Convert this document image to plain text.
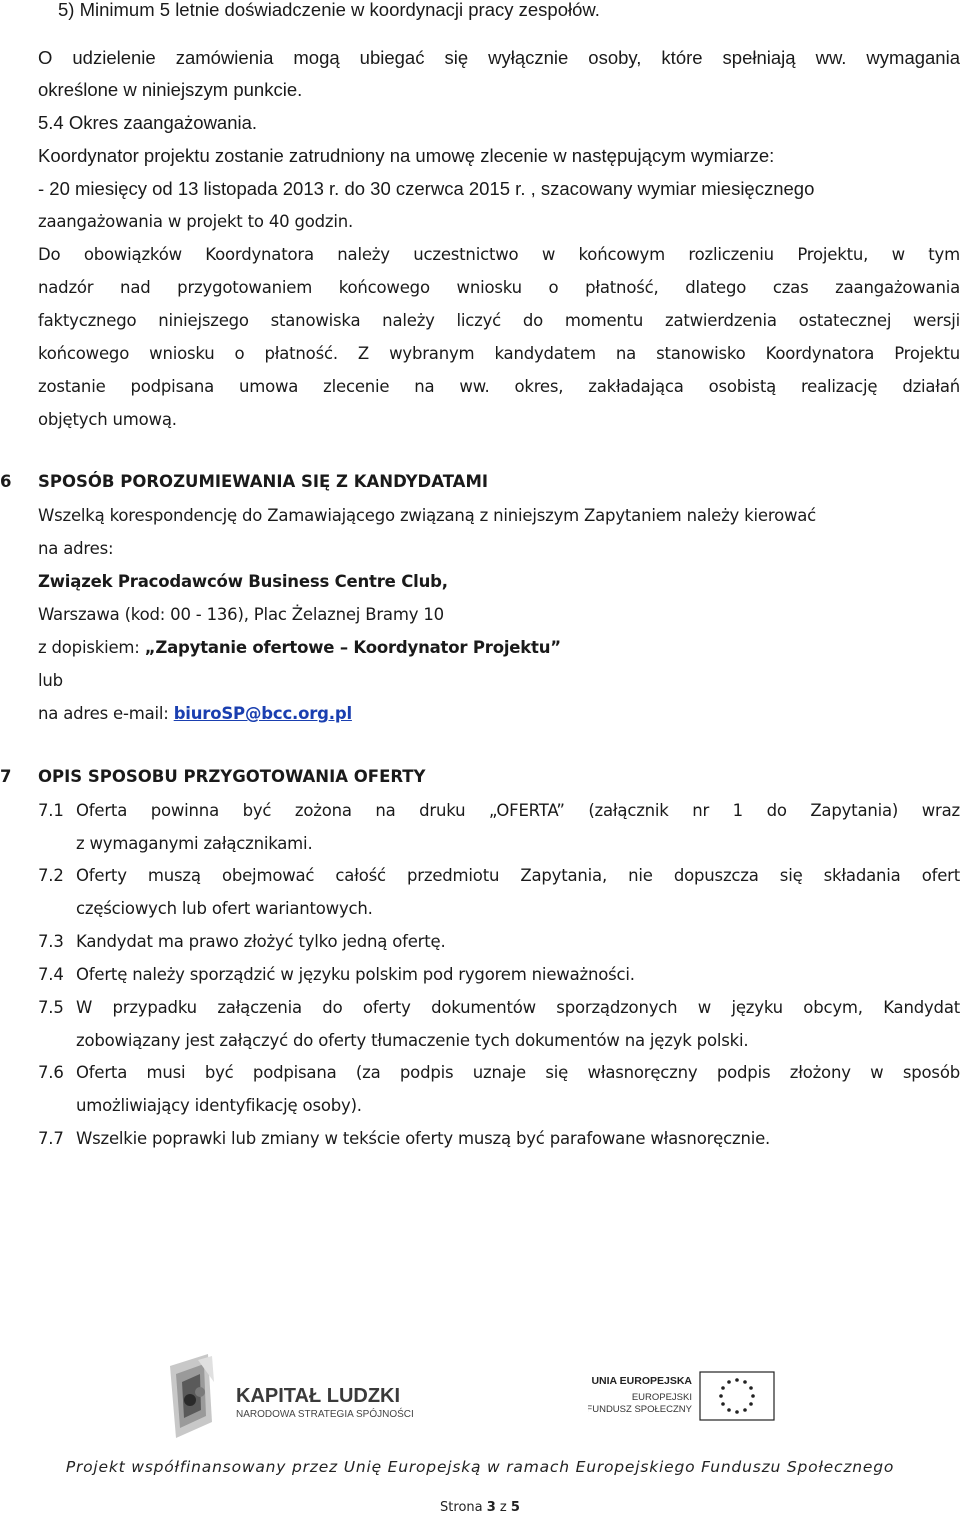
5) Minimum 5 letnie doświadczenie w koordynacji pracy zespołów.
O udzielenie zamówienia mogą ubiegać się wyłącznie osoby, które spełniają ww. wymagania
określone w niniejszym punkcie.
5.4 Okres zaangażowania.
Koordynator projektu zostanie zatrudniony na umowę zlecenie w następującym wymiarze:
- 20 miesięcy od 13 listopada 2013 r. do 30 czerwca 2015 r. , szacowany wymiar miesięcznego
zaangażowania w projekt to 40 godzin.
Do obowiązków Koordynatora należy uczestnictwo w końcowym rozliczeniu Projektu, w tym
nadzór nad przygotowaniem końcowego wniosku o płatność, dlatego czas zaangażowania
faktycznego niniejszego stanowiska należy liczyć do momentu zatwierdzenia ostatecznej wersji
końcowego wniosku o płatność. Z wybranym kandydatem na stanowisko Koordynatora Projektu
zostanie podpisana umowa zlecenie na ww. okres, zakładająca osobistą realizację działań
objętych umową.
6 SPOSÓB POROZUMIEWANIA SIĘ Z KANDYDATAMI
Wszelką korespondencję do Zamawiającego związaną z niniejszym Zapytaniem należy kierować
na adres:
Związek Pracodawców Business Centre Club,
Warszawa (kod: 00 - 136), Plac Żelaznej Bramy 10
z dopiskiem: „Zapytanie ofertowe – Koordynator Projektu”
lub
na adres e-mail: biuroSP@bcc.org.pl
7 OPIS SPOSOBU PRZYGOTOWANIA OFERTY
7.1 Oferta powinna być zożona na druku „OFERTA” (załącznik nr 1 do Zapytania) wraz
z wymaganymi załącznikami.
7.2 Oferty muszą obejmować całość przedmiotu Zapytania, nie dopuszcza się składania ofert
częściowych lub ofert wariantowych.
7.3 Kandydat ma prawo złożyć tylko jedną ofertę.
7.4 Ofertę należy sporządzić w języku polskim pod rygorem nieważności.
7.5 W przypadku załączenia do oferty dokumentów sporządzonych w języku obcym, Kandydat
zobowiązany jest załączyć do oferty tłumaczenie tych dokumentów na język polski.
7.6 Oferta musi być podpisana (za podpis uznaje się własnoręczny podpis złożony w sposób
umożliwiający identyfikację osoby).
7.7 Wszelkie poprawki lub zmiany w tekście oferty muszą być parafowane własnoręcznie.
KAPITAŁ LUDZKI
NARODOWA STRATEGIA SPÓJNOŚCI
UNIA EUROPEJSKA
EUROPEJSKI
FUNDUSZ SPOŁECZNY
Projekt współfinansowany przez Unię Europejską w ramach Europejskiego Funduszu Społecznego
Strona 3 z 5
